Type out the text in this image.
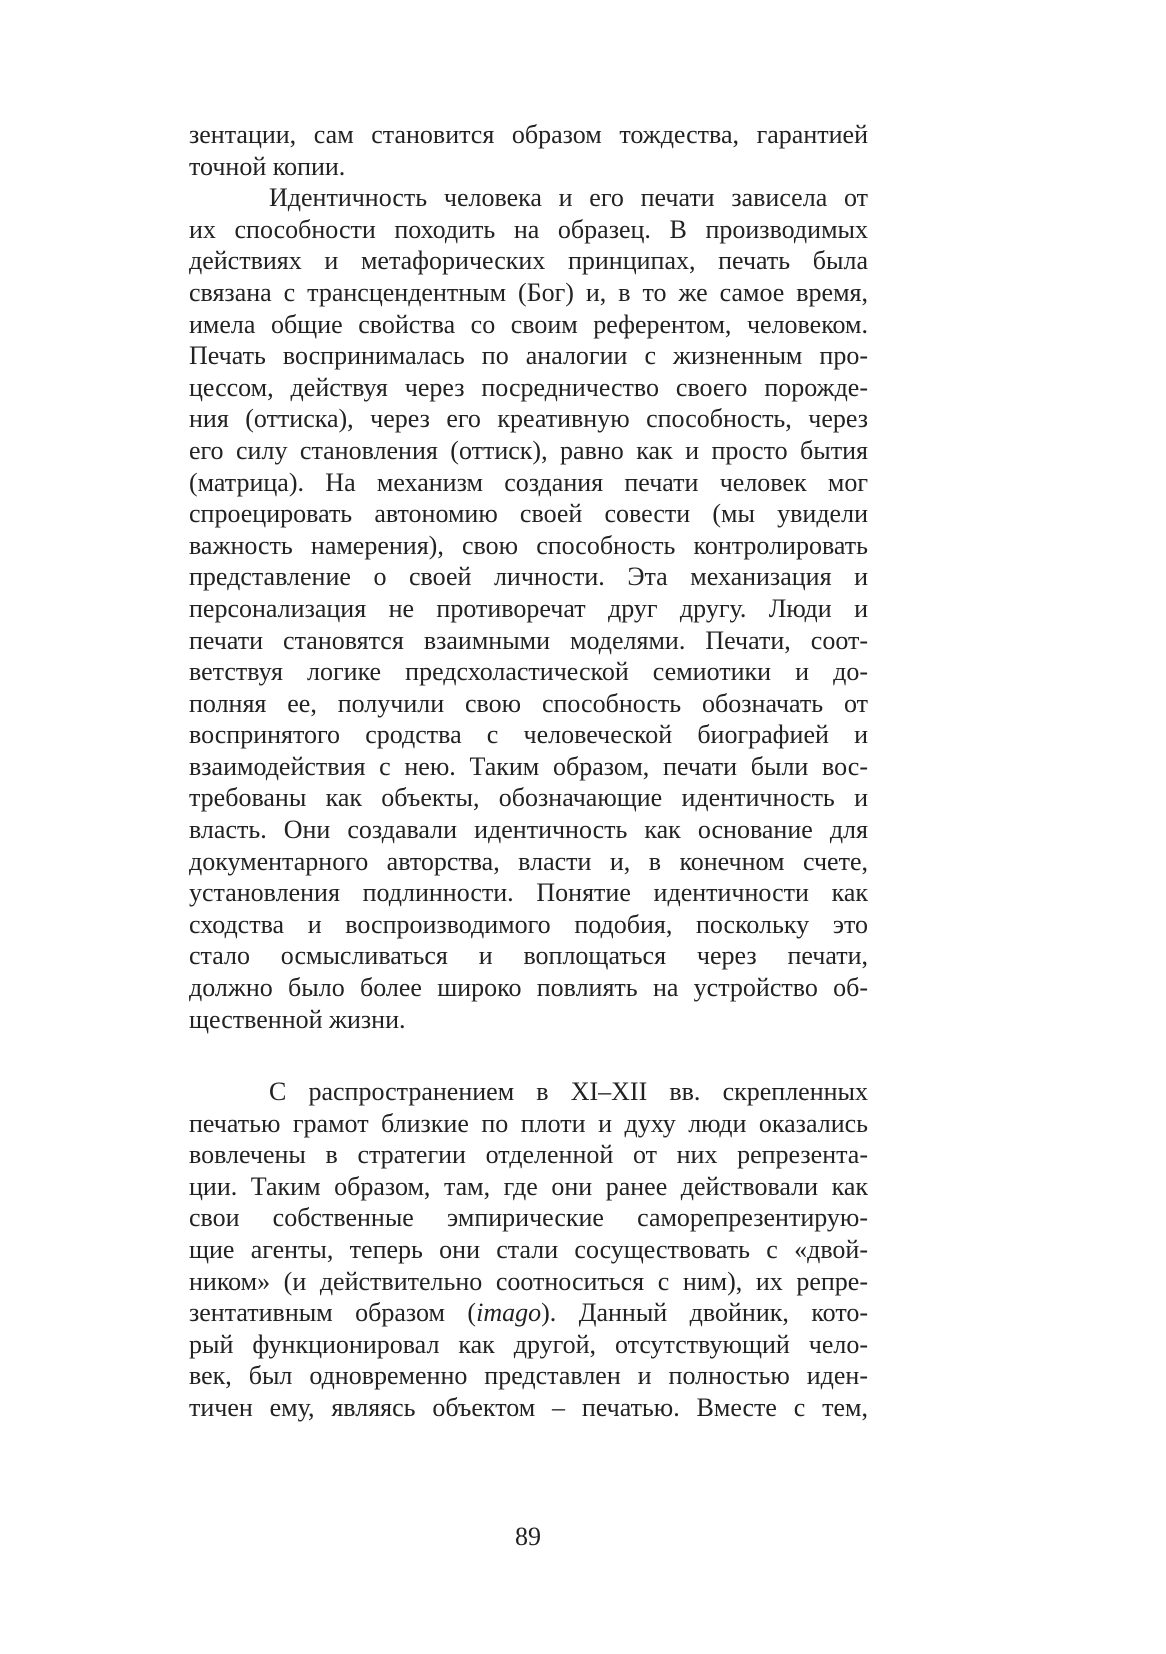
зентации, сам становится образом тождества, гарантией
точной копии.

Идентичность человека и его печати зависела от
их способности походить на образец. В производимых
действиях и метафорических принципах, печать была
связана с трансцендентным (Бог) и, в то же самое время,
имела общие свойства со своим референтом, человеком.
Печать воспринималась по аналогии с жизненным про-
цессом, действуя через посредничество своего порожде-
ния (оттиска), через его креативную способность, через
его силу становления (оттиск), равно как и просто бытия
(матрица). На механизм создания печати человек мог
спроецировать автономию своей совести (мы увидели
важность намерения), свою способность контролировать
представление о своей личности. Эта механизация и
персонализация не противоречат друг другу. Люди и
печати становятся взаимными моделями. Печати, соот-
ветствуя логике предсхоластической семиотики и до-
полняя ее, получили свою способность обозначать от
воспринятого сродства с человеческой биографией и
взаимодействия с нею. Таким образом, печати были вос-
требованы как объекты, обозначающие идентичность и
власть. Они создавали идентичность как основание для
документарного авторства, власти и, в конечном счете,
установления подлинности. Понятие идентичности как
сходства и воспроизводимого подобия, поскольку это
стало осмысливаться и воплощаться через печати,
должно было более широко повлиять на устройство об-
щественной жизни.

С распространением в XI–XII вв. скрепленных
печатью грамот близкие по плоти и духу люди оказались
вовлечены в стратегии отделенной от них репрезента-
ции. Таким образом, там, где они ранее действовали как
свои собственные эмпирические саморепрезентирую-
щие агенты, теперь они стали сосуществовать с «двой-
ником» (и действительно соотноситься с ним), их репре-
зентативным образом (imago). Данный двойник, кото-
рый функционировал как другой, отсутствующий чело-
век, был одновременно представлен и полностью иден-
тичен ему, являясь объектом – печатью. Вместе с тем,

89
